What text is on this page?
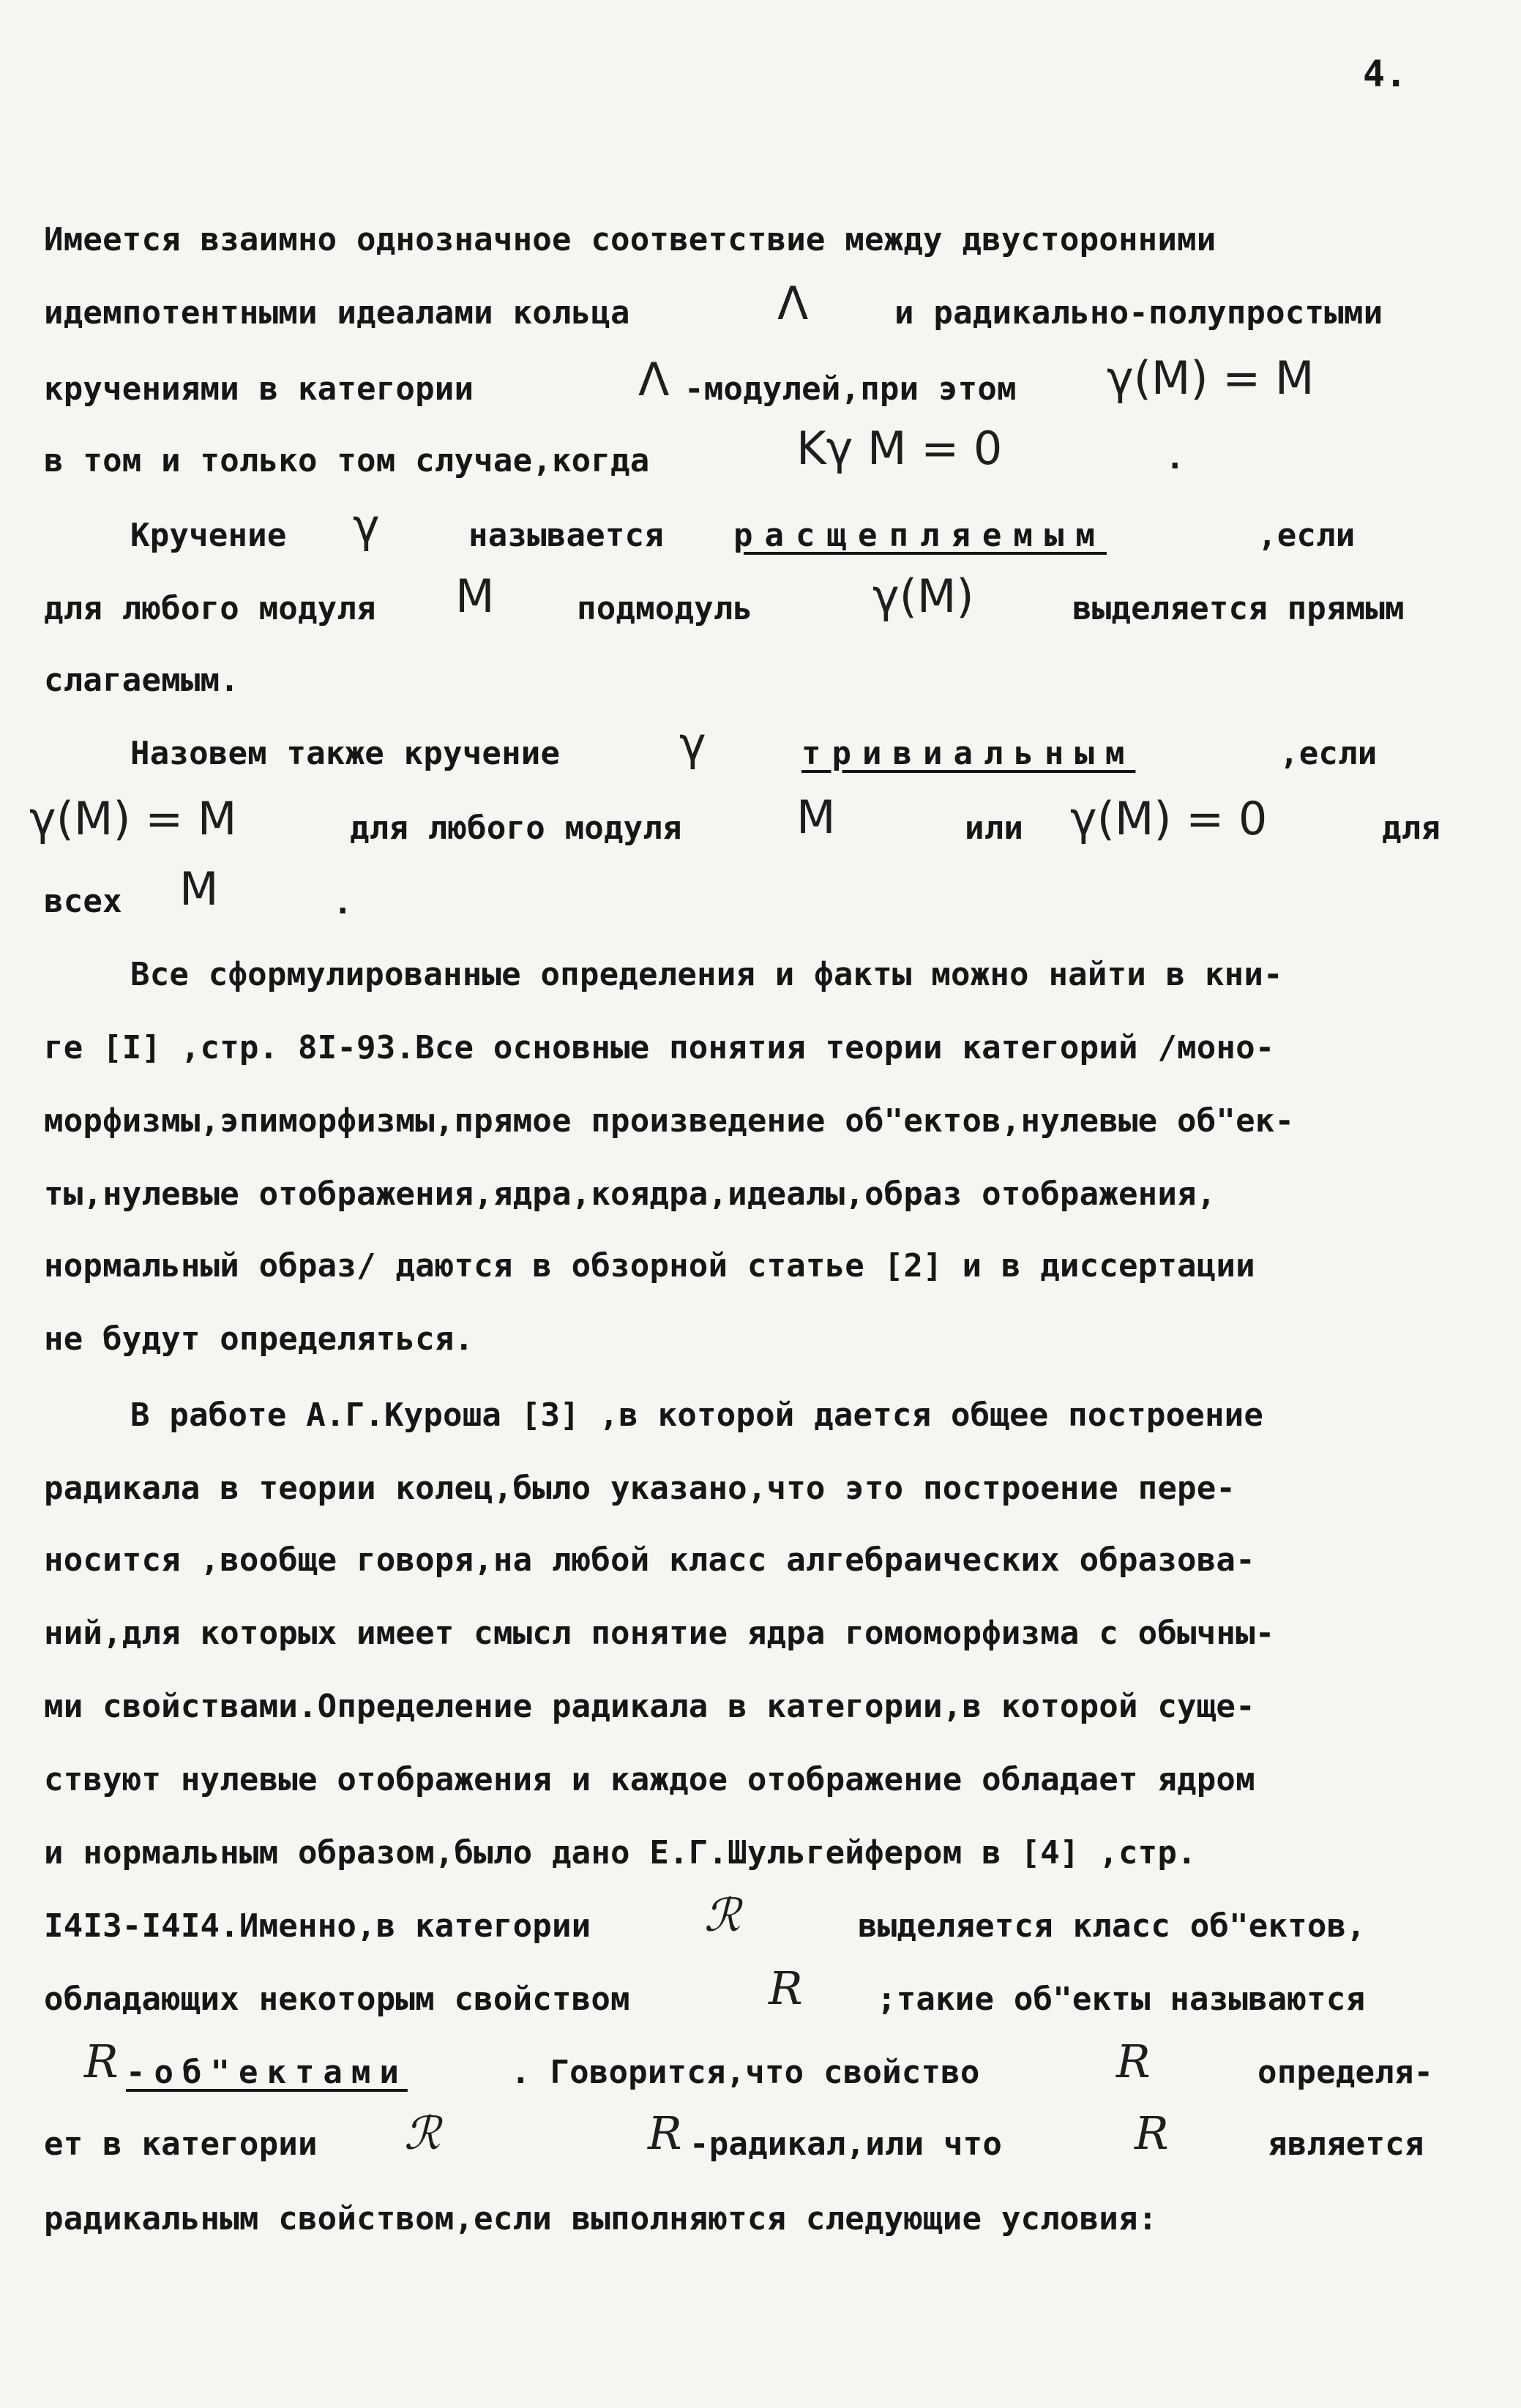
4.
Имеется взаимно однозначное соответствие между двусторонними
идемпотентными идеалами кольца	Λ	и радикально-полупростыми
кручениями в категории	Λ -модулей,при этом	γ(M) = M
в том и только том случае,когда	Kγ M = 0	.
Кручение	γ	называется	расщепляемым	,если
для любого модуля	M	подмодуль	γ(M)	выделяется прямым
слагаемым.
Назовем также кручение	γ	тривиальным	,если
γ(M) = M	для любого модуля	M	или	γ(M) = 0	для
всех	M	.
Все сформулированные определения и факты можно найти в кни-
ге [I] ,стр. 8I-93.Все основные понятия теории категорий /моно-
морфизмы,эпиморфизмы,прямое произведение об"ектов,нулевые об"ек-
ты,нулевые отображения,ядра,коядра,идеалы,образ отображения,
нормальный образ/ даются в обзорной статье [2] и в диссертации
не будут определяться.
В работе А.Г.Куроша [3] ,в которой дается общее построение
радикала в теории колец,было указано,что это построение пере-
носится ,вообще говоря,на любой класс алгебраических образова-
ний,для которых имеет смысл понятие ядра гомоморфизма с обычны-
ми свойствами.Определение радикала в категории,в которой суще-
ствуют нулевые отображения и каждое отображение обладает ядром
и нормальным образом,было дано Е.Г.Шульгейфером в [4] ,стр.
I4I3-I4I4.Именно,в категории	ℛ	выделяется класс об"ектов,
обладающих некоторым свойством	R ;такие об"екты называются
R -об"ектами	. Говорится,что свойство	R	определя-
ет в категории	ℛ	R -радикал,или что	R	является
радикальным свойством,если выполняются следующие условия:
